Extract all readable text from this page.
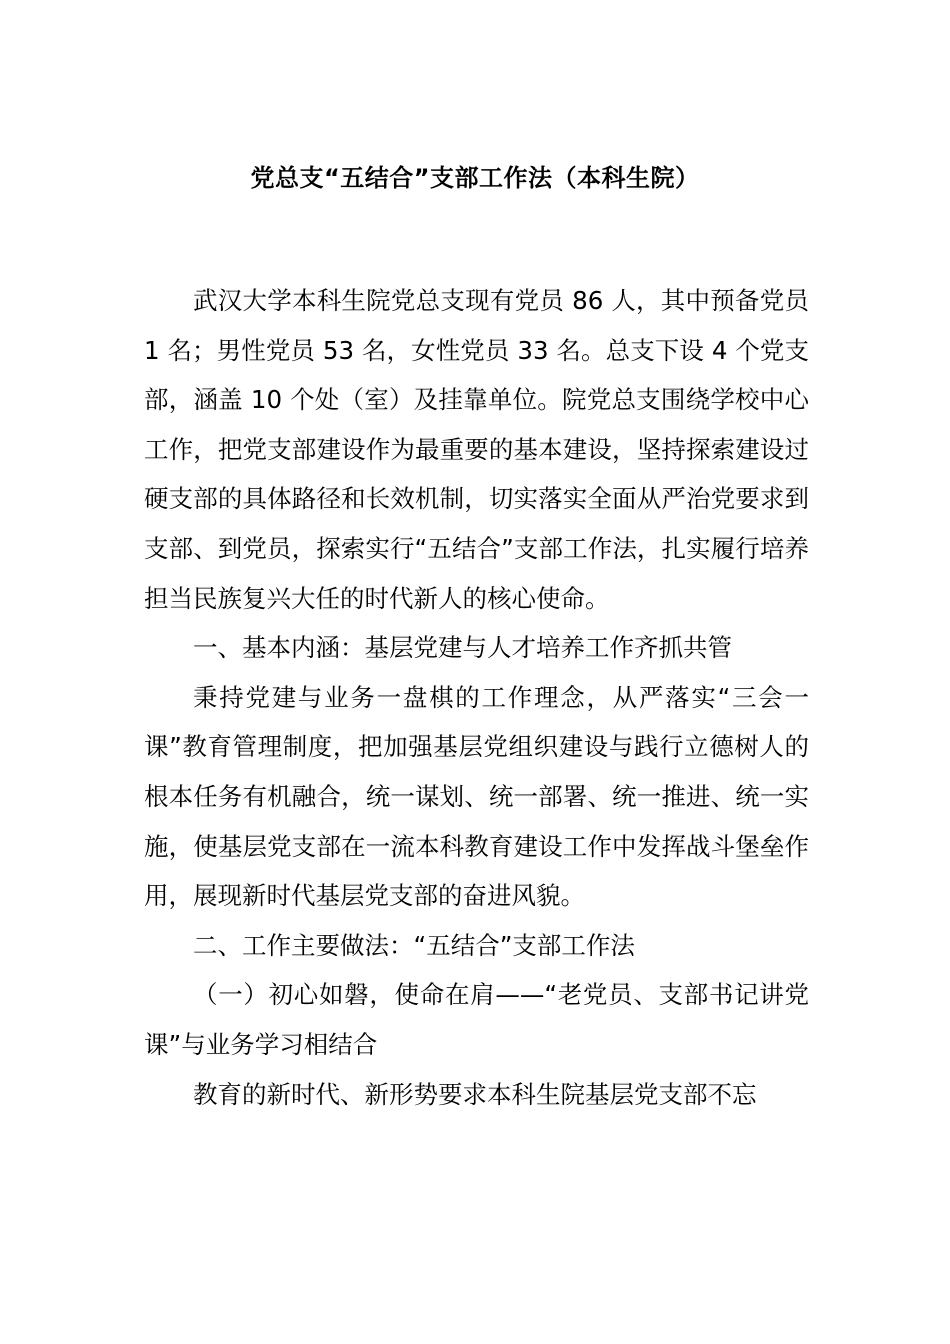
党总支“五结合”支部工作法（本科生院）

武汉大学本科生院党总支现有党员 86 人，其中预备党员 1 名；男性党员 53 名，女性党员 33 名。总支下设 4 个党支部，涵盖 10 个处（室）及挂靠单位。院党总支围绕学校中心工作，把党支部建设作为最重要的基本建设，坚持探索建设过硬支部的具体路径和长效机制，切实落实全面从严治党要求到支部、到党员，探索实行“五结合”支部工作法，扎实履行培养担当民族复兴大任的时代新人的核心使命。

一、基本内涵：基层党建与人才培养工作齐抓共管

秉持党建与业务一盘棋的工作理念，从严落实“三会一课”教育管理制度，把加强基层党组织建设与践行立德树人的根本任务有机融合，统一谋划、统一部署、统一推进、统一实施，使基层党支部在一流本科教育建设工作中发挥战斗堡垒作用，展现新时代基层党支部的奋进风貌。

二、工作主要做法：“五结合”支部工作法

（一）初心如磐，使命在肩——“老党员、支部书记讲党课”与业务学习相结合

教育的新时代、新形势要求本科生院基层党支部不忘
